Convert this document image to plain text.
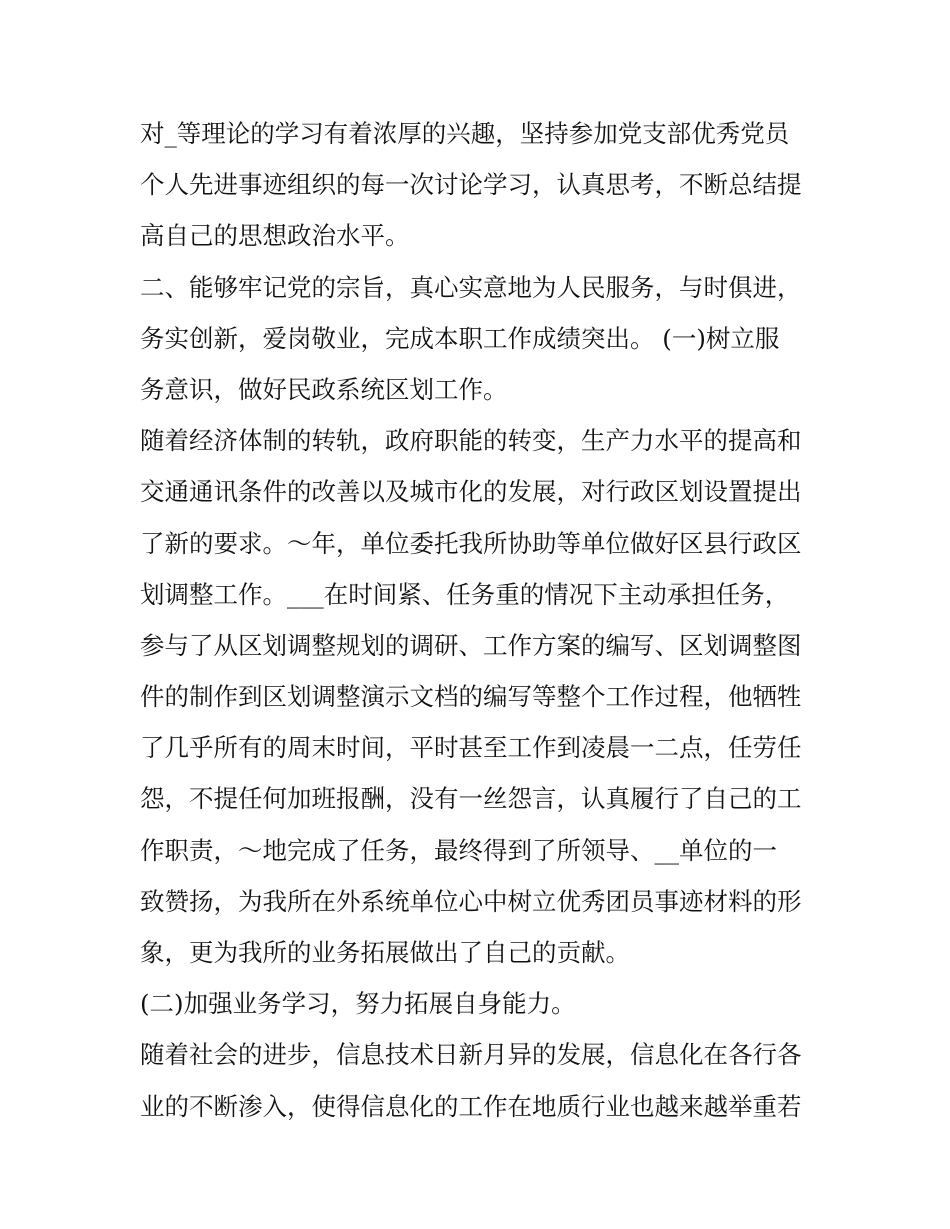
对_等理论的学习有着浓厚的兴趣，坚持参加党支部优秀党员
个人先进事迹组织的每一次讨论学习，认真思考，不断总结提
高自己的思想政治水平。
二、能够牢记党的宗旨，真心实意地为人民服务，与时俱进，
务实创新，爱岗敬业，完成本职工作成绩突出。 (一)树立服
务意识，做好民政系统区划工作。
随着经济体制的转轨，政府职能的转变，生产力水平的提高和
交通通讯条件的改善以及城市化的发展，对行政区划设置提出
了新的要求。～年，单位委托我所协助等单位做好区县行政区
划调整工作。___在时间紧、任务重的情况下主动承担任务，
参与了从区划调整规划的调研、工作方案的编写、区划调整图
件的制作到区划调整演示文档的编写等整个工作过程，他牺牲
了几乎所有的周末时间，平时甚至工作到凌晨一二点，任劳任
怨，不提任何加班报酬，没有一丝怨言，认真履行了自己的工
作职责，～地完成了任务，最终得到了所领导、__单位的一
致赞扬，为我所在外系统单位心中树立优秀团员事迹材料的形
象，更为我所的业务拓展做出了自己的贡献。
(二)加强业务学习，努力拓展自身能力。
随着社会的进步，信息技术日新月异的发展，信息化在各行各
业的不断渗入，使得信息化的工作在地质行业也越来越举重若
